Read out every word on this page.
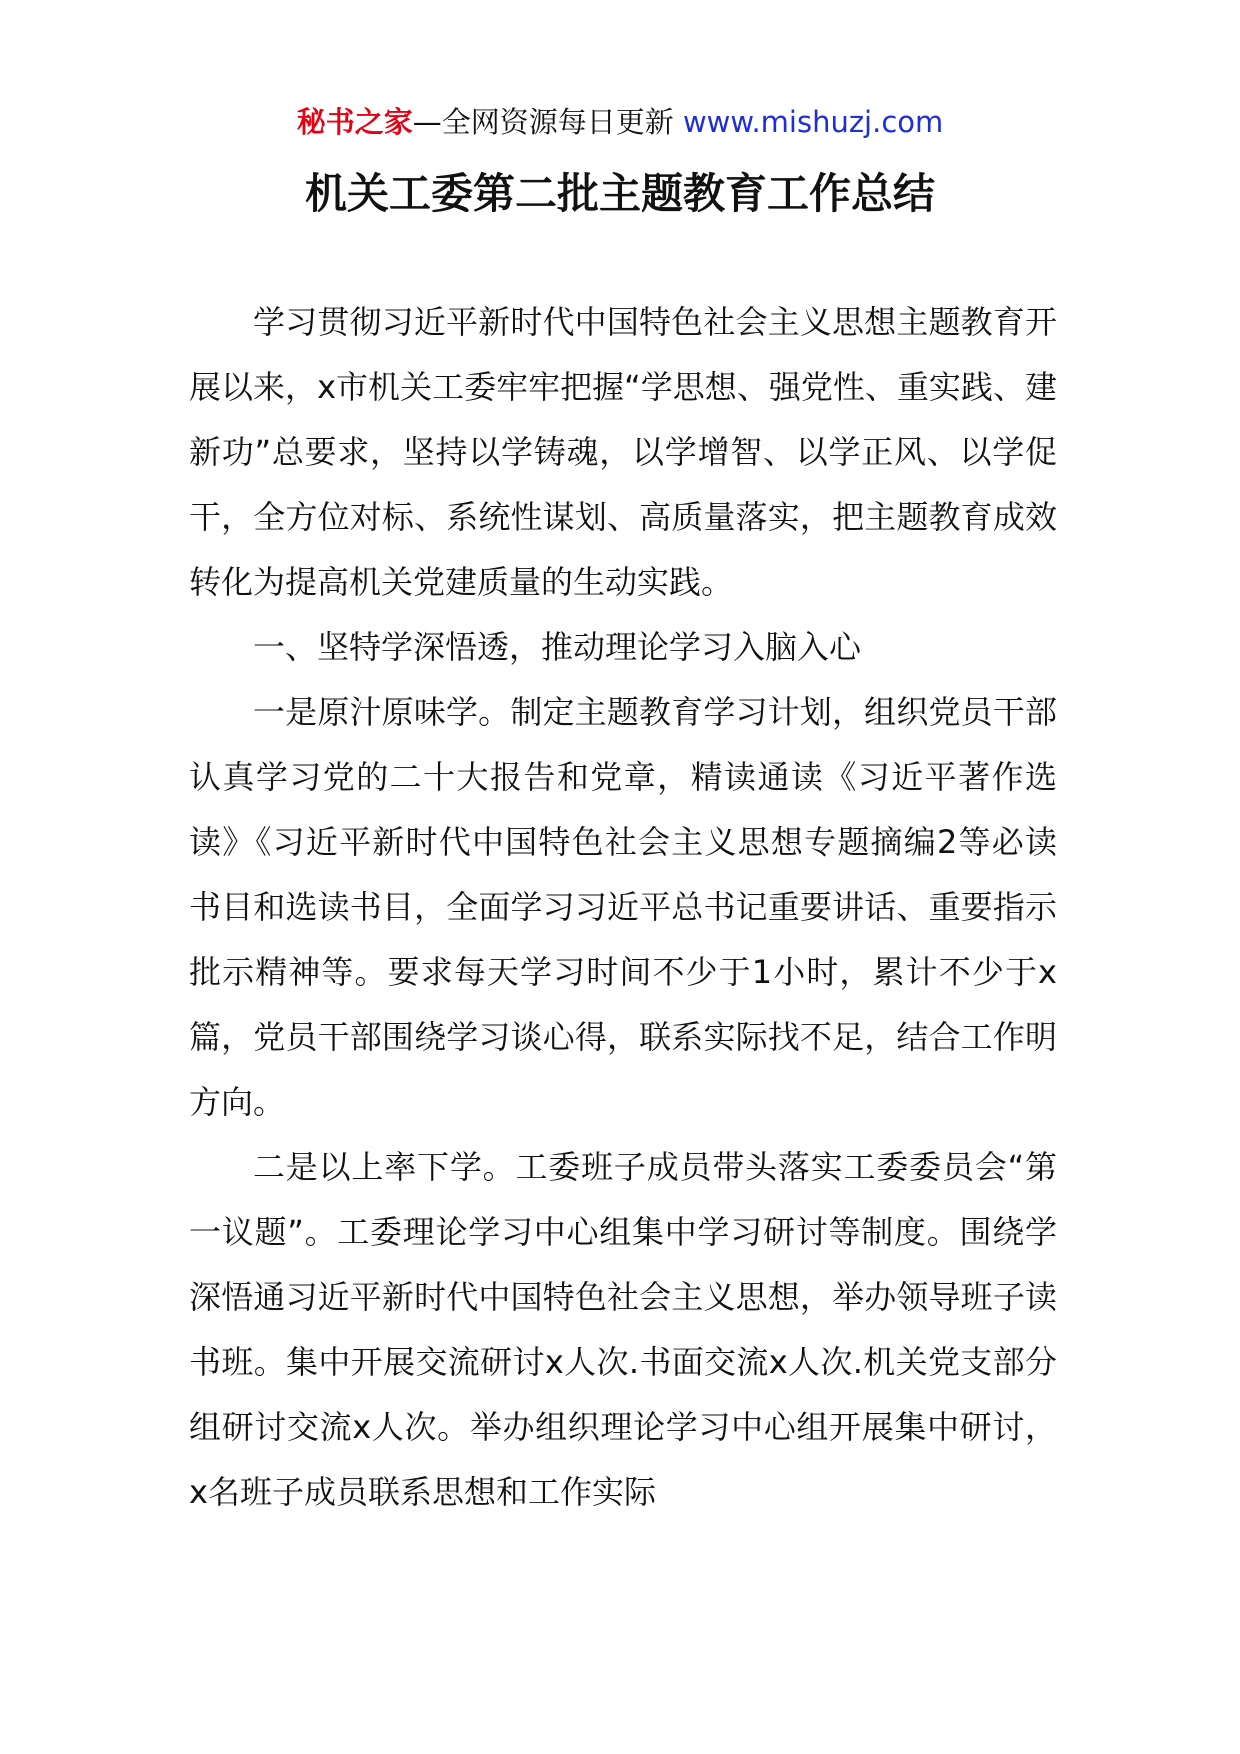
秘书之家—全网资源每日更新 www.mishuzj.com
机关工委第二批主题教育工作总结

学习贯彻习近平新时代中国特色社会主义思想主题教育开展以来，x市机关工委牢牢把握“学思想、强党性、重实践、建新功”总要求，坚持以学铸魂，以学增智、以学正风、以学促干，全方位对标、系统性谋划、高质量落实，把主题教育成效转化为提高机关党建质量的生动实践。

一、坚特学深悟透，推动理论学习入脑入心

一是原汁原味学。制定主题教育学习计划，组织党员干部认真学习党的二十大报告和党章，精读通读《习近平著作选读》《习近平新时代中国特色社会主义思想专题摘编2等必读书目和选读书目，全面学习习近平总书记重要讲话、重要指示批示精神等。要求每天学习时间不少于1小时，累计不少于x篇，党员干部围绕学习谈心得，联系实际找不足，结合工作明方向。

二是以上率下学。工委班子成员带头落实工委委员会“第一议题”。工委理论学习中心组集中学习研讨等制度。围绕学深悟通习近平新时代中国特色社会主义思想，举办领导班子读书班。集中开展交流研讨x人次.书面交流x人次.机关党支部分组研讨交流x人次。举办组织理论学习中心组开展集中研讨，x名班子成员联系思想和工作实际
